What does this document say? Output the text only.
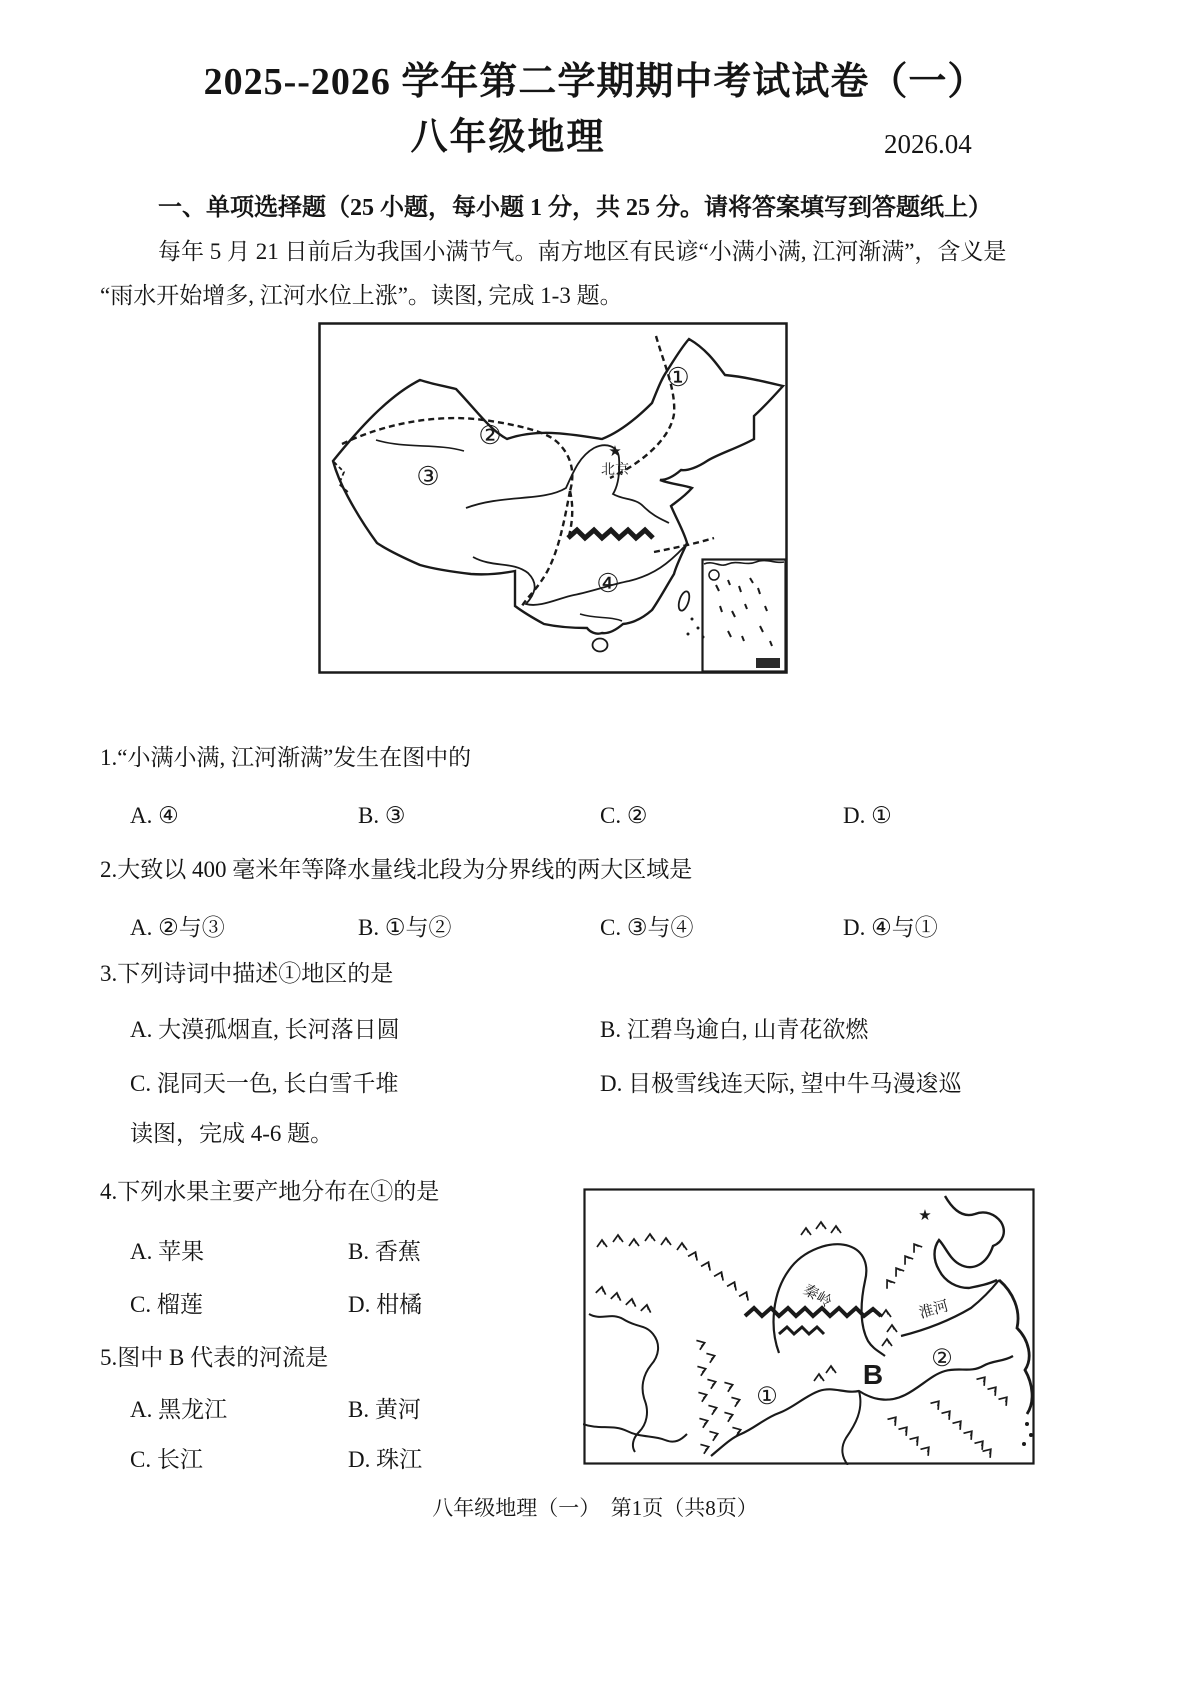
2025--2026 学年第二学期期中考试试卷（一）
八年级地理	2026.04
一、单项选择题（25 小题，每小题 1 分，共 25 分。请将答案填写到答题纸上）
每年 5 月 21 日前后为我国小满节气。南方地区有民谚“小满小满, 江河渐满”，含义是
“雨水开始增多, 江河水位上涨”。读图, 完成 1-3 题。
★
北京
①
②
③
④
1.“小满小满, 江河渐满”发生在图中的
A. ④	B. ③	C. ②	D. ①
2.大致以 400 毫米年等降水量线北段为分界线的两大区域是
A. ②与③	B. ①与②	C. ③与④	D. ④与①
3.下列诗词中描述①地区的是
A. 大漠孤烟直, 长河落日圆	B. 江碧鸟逾白, 山青花欲燃
C. 混同天一色, 长白雪千堆	D. 目极雪线连天际, 望中牛马漫逡巡
读图，完成 4-6 题。
4.下列水果主要产地分布在①的是
A. 苹果	B. 香蕉
C. 榴莲	D. 柑橘
5.图中 B 代表的河流是
A. 黑龙江	B. 黄河
C. 长江	D. 珠江
秦岭	淮河
★
B
①
②
八年级地理（一）　第1页（共8页）
